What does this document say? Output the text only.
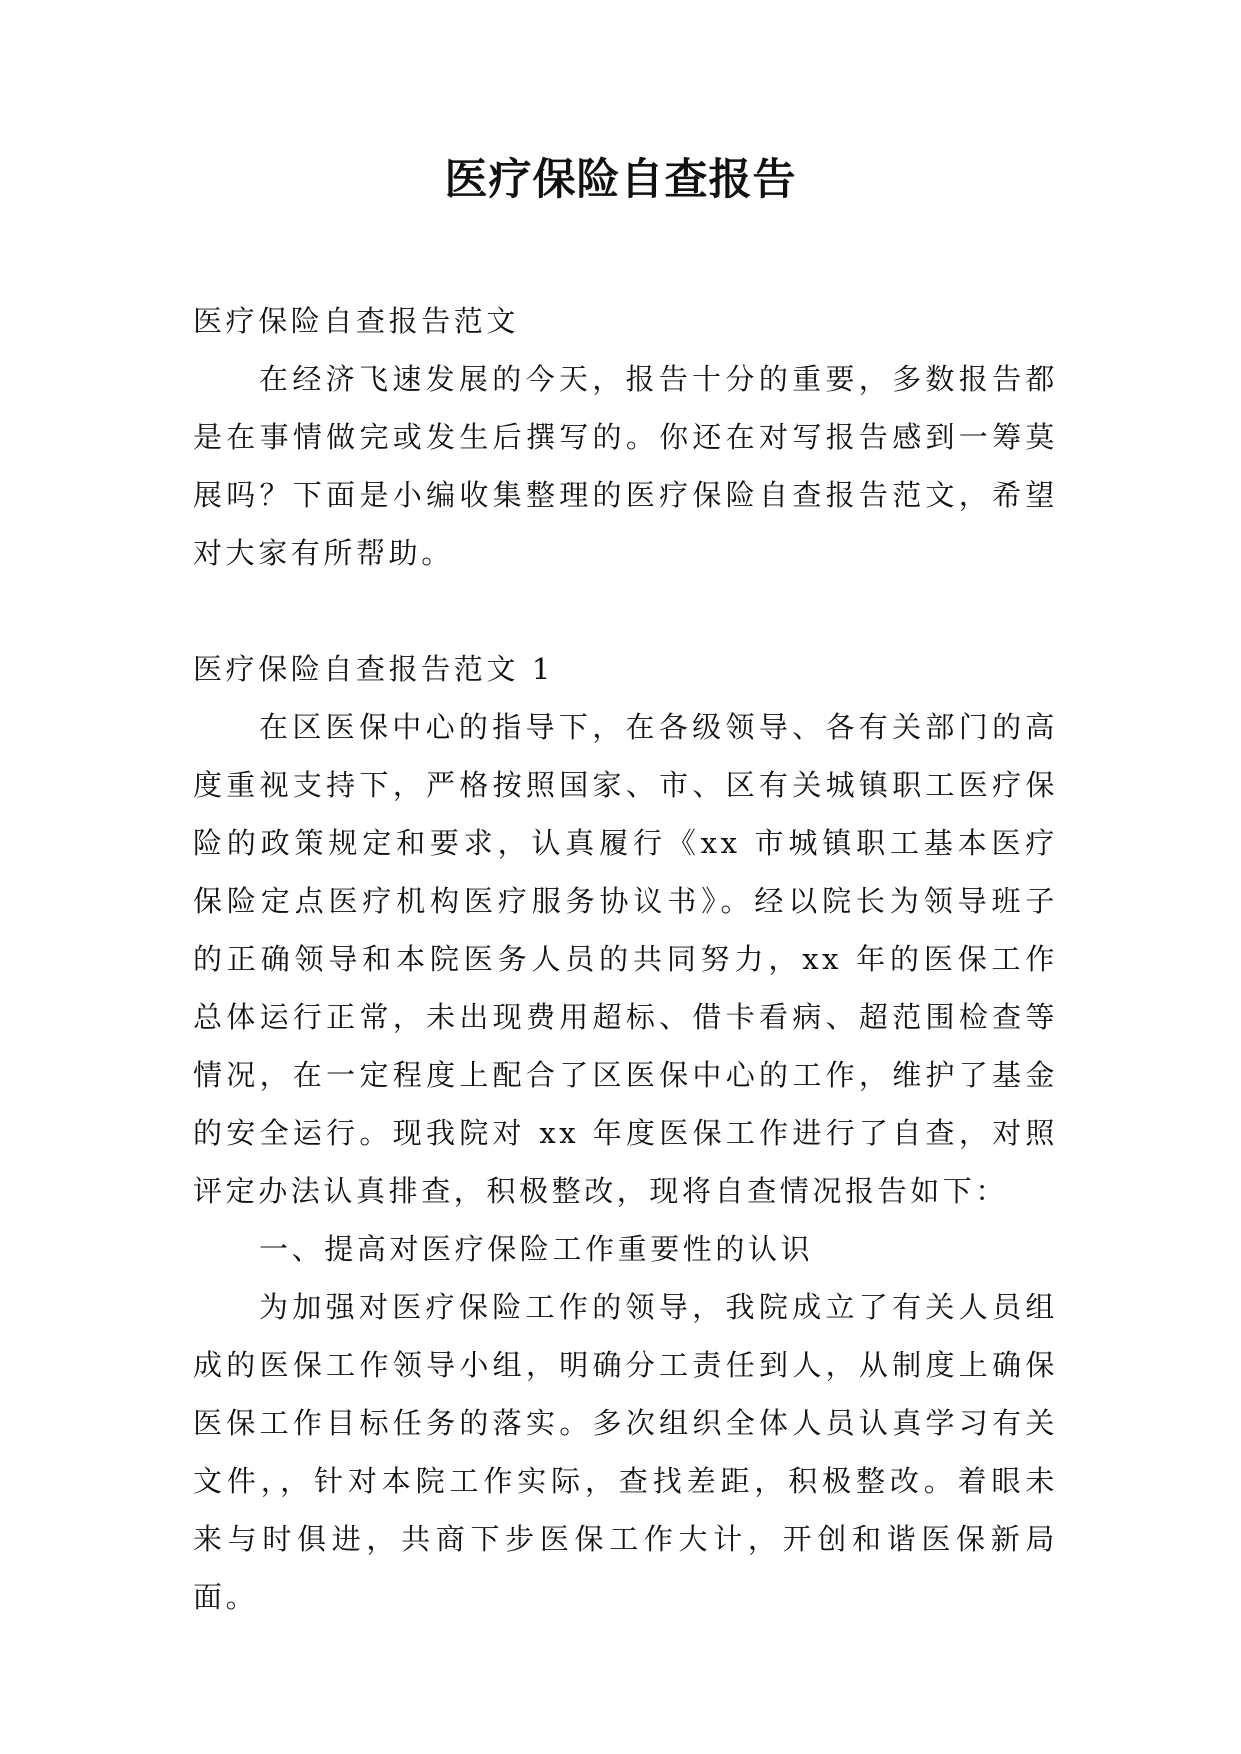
医疗保险自查报告

医疗保险自查报告范文

在经济飞速发展的今天，报告十分的重要，多数报告都是在事情做完或发生后撰写的。你还在对写报告感到一筹莫展吗？下面是小编收集整理的医疗保险自查报告范文，希望对大家有所帮助。

医疗保险自查报告范文 1

在区医保中心的指导下，在各级领导、各有关部门的高度重视支持下，严格按照国家、市、区有关城镇职工医疗保险的政策规定和要求，认真履行《xx 市城镇职工基本医疗保险定点医疗机构医疗服务协议书》。经以院长为领导班子的正确领导和本院医务人员的共同努力，xx 年的医保工作总体运行正常，未出现费用超标、借卡看病、超范围检查等情况，在一定程度上配合了区医保中心的工作，维护了基金的安全运行。现我院对 xx 年度医保工作进行了自查，对照评定办法认真排查，积极整改，现将自查情况报告如下：

一、提高对医疗保险工作重要性的认识

为加强对医疗保险工作的领导，我院成立了有关人员组成的医保工作领导小组，明确分工责任到人，从制度上确保医保工作目标任务的落实。多次组织全体人员认真学习有关文件，，针对本院工作实际，查找差距，积极整改。着眼未来与时俱进，共商下步医保工作大计，开创和谐医保新局面。
